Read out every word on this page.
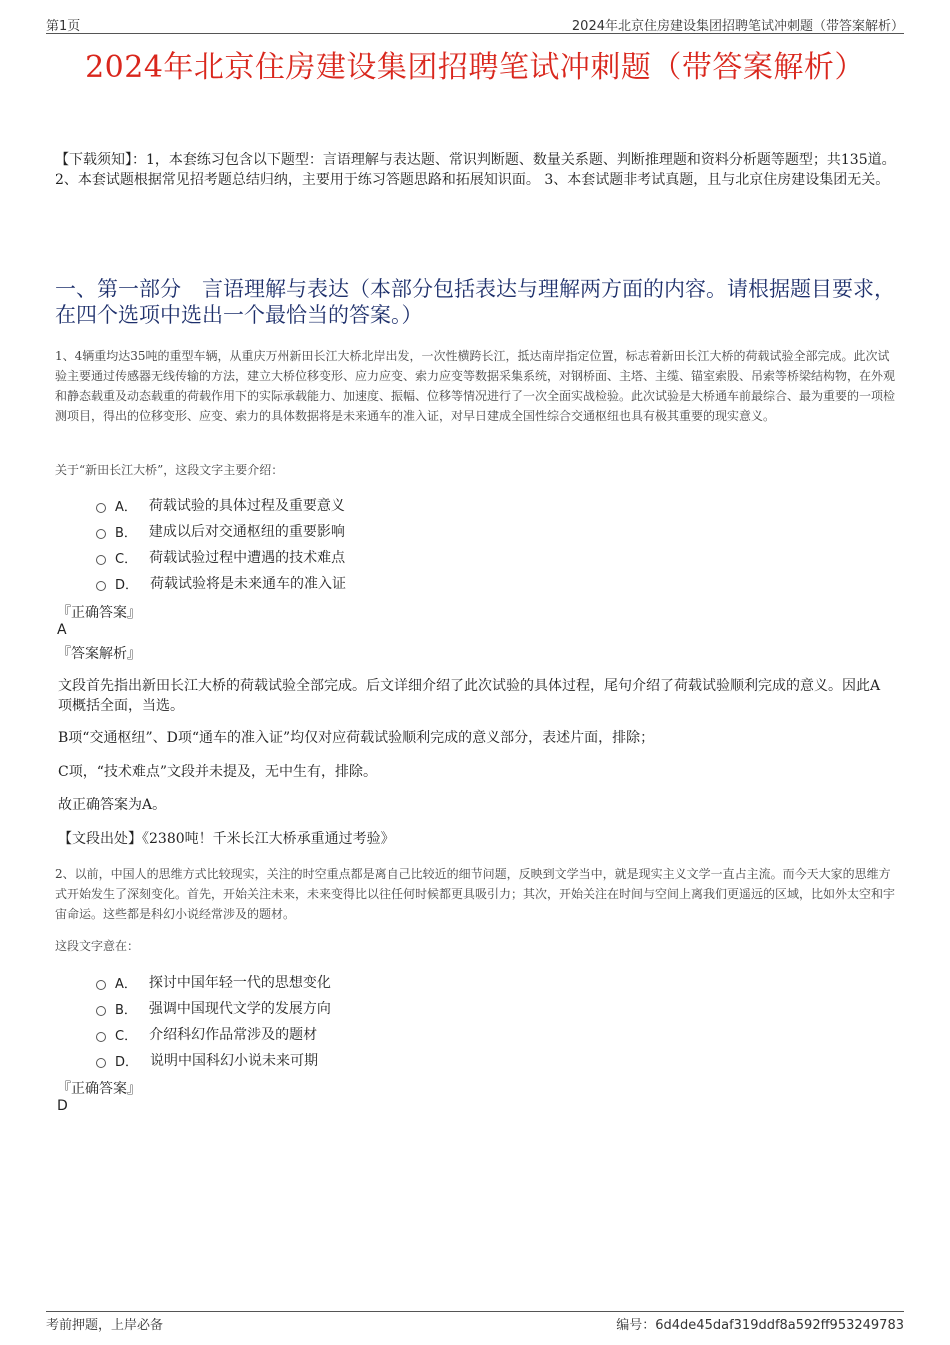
第1页	2024年北京住房建设集团招聘笔试冲刺题（带答案解析）
2024年北京住房建设集团招聘笔试冲刺题（带答案解析）
【下载须知】：1，本套练习包含以下题型：言语理解与表达题、常识判断题、数量关系题、判断推理题和资料分析题等题型；共135道。 2、本套试题根据常见招考题总结归纳，主要用于练习答题思路和拓展知识面。 3、本套试题非考试真题，且与北京住房建设集团无关。
一、第一部分　言语理解与表达（本部分包括表达与理解两方面的内容。请根据题目要求，在四个选项中选出一个最恰当的答案。）
1、4辆重均达35吨的重型车辆，从重庆万州新田长江大桥北岸出发，一次性横跨长江，抵达南岸指定位置，标志着新田长江大桥的荷载试验全部完成。此次试验主要通过传感器无线传输的方法，建立大桥位移变形、应力应变、索力应变等数据采集系统，对钢桥面、主塔、主缆、锚室索股、吊索等桥梁结构物，在外观和静态载重及动态载重的荷载作用下的实际承载能力、加速度、振幅、位移等情况进行了一次全面实战检验。此次试验是大桥通车前最综合、最为重要的一项检测项目，得出的位移变形、应变、索力的具体数据将是未来通车的准入证，对早日建成全国性综合交通枢纽也具有极其重要的现实意义。
关于“新田长江大桥”，这段文字主要介绍：
A． 荷载试验的具体过程及重要意义
B． 建成以后对交通枢纽的重要影响
C． 荷载试验过程中遭遇的技术难点
D． 荷载试验将是未来通车的准入证
『正确答案』
A
『答案解析』
文段首先指出新田长江大桥的荷载试验全部完成。后文详细介绍了此次试验的具体过程，尾句介绍了荷载试验顺利完成的意义。因此A项概括全面，当选。
B项“交通枢纽”、D项“通车的准入证”均仅对应荷载试验顺利完成的意义部分，表述片面，排除；
C项，“技术难点”文段并未提及，无中生有，排除。
故正确答案为A。
【文段出处】《2380吨！千米长江大桥承重通过考验》
2、以前，中国人的思维方式比较现实，关注的时空重点都是离自己比较近的细节问题，反映到文学当中，就是现实主义文学一直占主流。而今天大家的思维方式开始发生了深刻变化。首先，开始关注未来，未来变得比以往任何时候都更具吸引力；其次，开始关注在时间与空间上离我们更遥远的区域，比如外太空和宇宙命运。这些都是科幻小说经常涉及的题材。
这段文字意在：
A． 探讨中国年轻一代的思想变化
B． 强调中国现代文学的发展方向
C． 介绍科幻作品常涉及的题材
D． 说明中国科幻小说未来可期
『正确答案』
D
考前押题，上岸必备	编号：6d4de45daf319ddf8a592ff953249783
